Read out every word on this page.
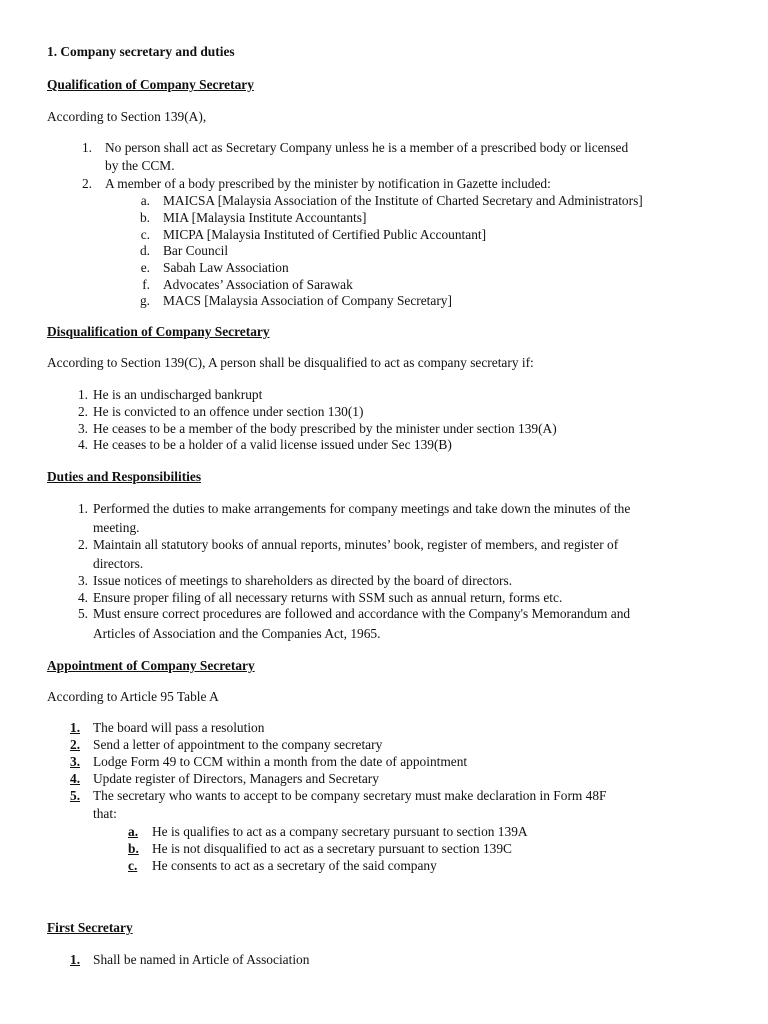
1. Company secretary and duties
Qualification of Company Secretary
According to Section 139(A),
1. No person shall act as Secretary Company unless he is a member of a prescribed body or licensed
by the CCM.
2. A member of a body prescribed by the minister by notification in Gazette included:
a. MAICSA [Malaysia Association of the Institute of Charted Secretary and Administrators]
b. MIA [Malaysia Institute Accountants]
c. MICPA [Malaysia Instituted of Certified Public Accountant]
d. Bar Council
e. Sabah Law Association
f. Advocates’ Association of Sarawak
g. MACS [Malaysia Association of Company Secretary]
Disqualification of Company Secretary
According to Section 139(C), A person shall be disqualified to act as company secretary if:
1. He is an undischarged bankrupt
2. He is convicted to an offence under section 130(1)
3. He ceases to be a member of the body prescribed by the minister under section 139(A)
4. He ceases to be a holder of a valid license issued under Sec 139(B)
Duties and Responsibilities
1. Performed the duties to make arrangements for company meetings and take down the minutes of the
meeting.
2. Maintain all statutory books of annual reports, minutes’ book, register of members, and register of
directors.
3. Issue notices of meetings to shareholders as directed by the board of directors.
4. Ensure proper filing of all necessary returns with SSM such as annual return, forms etc.
5. Must ensure correct procedures are followed and accordance with the Company's Memorandum and
Articles of Association and the Companies Act, 1965.
Appointment of Company Secretary
According to Article 95 Table A
1. The board will pass a resolution
2. Send a letter of appointment to the company secretary
3. Lodge Form 49 to CCM within a month from the date of appointment
4. Update register of Directors, Managers and Secretary
5. The secretary who wants to accept to be company secretary must make declaration in Form 48F
that:
a.	He is qualifies to act as a company secretary pursuant to section 139A
b. He is not disqualified to act as a secretary pursuant to section 139C
c.	He consents to act as a secretary of the said company
First Secretary
1. Shall be named in Article of Association
